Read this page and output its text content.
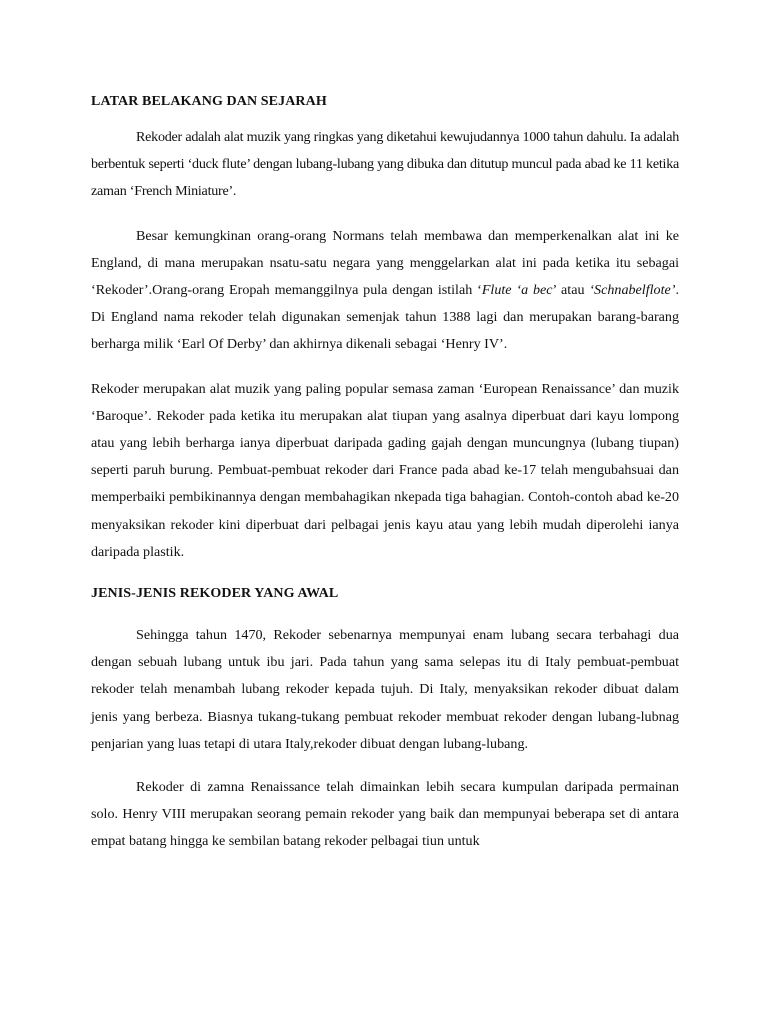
LATAR BELAKANG DAN SEJARAH

Rekoder adalah alat muzik yang ringkas yang diketahui kewujudannya 1000 tahun dahulu. Ia adalah berbentuk seperti ‘duck flute’ dengan lubang-lubang yang dibuka dan ditutup muncul pada abad ke 11 ketika zaman ‘French Miniature’.

Besar kemungkinan orang-orang Normans telah membawa dan memperkenalkan alat ini ke England, di mana merupakan nsatu-satu negara yang menggelarkan alat ini pada ketika itu sebagai ‘Rekoder’.Orang-orang Eropah memanggilnya pula dengan istilah ‘Flute ‘a bec’ atau ‘Schnabelflote’. Di England nama rekoder telah digunakan semenjak tahun 1388 lagi dan merupakan barang-barang berharga milik ‘Earl Of Derby’ dan akhirnya dikenali sebagai ‘Henry IV’.

Rekoder merupakan alat muzik yang paling popular semasa zaman ‘European Renaissance’ dan muzik ‘Baroque’. Rekoder pada ketika itu merupakan alat tiupan yang asalnya diperbuat dari kayu lompong atau yang lebih berharga ianya diperbuat daripada gading gajah dengan muncungnya (lubang tiupan) seperti paruh burung. Pembuat-pembuat rekoder dari France pada abad ke-17 telah mengubahsuai dan memperbaiki pembikinannya dengan membahagikan nkepada tiga bahagian. Contoh-contoh abad ke-20 menyaksikan rekoder kini diperbuat dari pelbagai jenis kayu atau yang lebih mudah diperolehi ianya daripada plastik.

JENIS-JENIS REKODER YANG AWAL

Sehingga tahun 1470, Rekoder sebenarnya mempunyai enam lubang secara terbahagi dua dengan sebuah lubang untuk ibu jari. Pada tahun yang sama selepas itu di Italy pembuat-pembuat rekoder telah menambah lubang rekoder kepada tujuh. Di Italy, menyaksikan rekoder dibuat dalam jenis yang berbeza. Biasnya tukang-tukang pembuat rekoder membuat rekoder dengan lubang-lubnag penjarian yang luas tetapi di utara Italy,rekoder dibuat dengan lubang-lubang.

Rekoder di zamna Renaissance telah dimainkan lebih secara kumpulan daripada permainan solo. Henry VIII merupakan seorang pemain rekoder yang baik dan mempunyai beberapa set di antara empat batang hingga ke sembilan batang rekoder pelbagai tiun untuk
